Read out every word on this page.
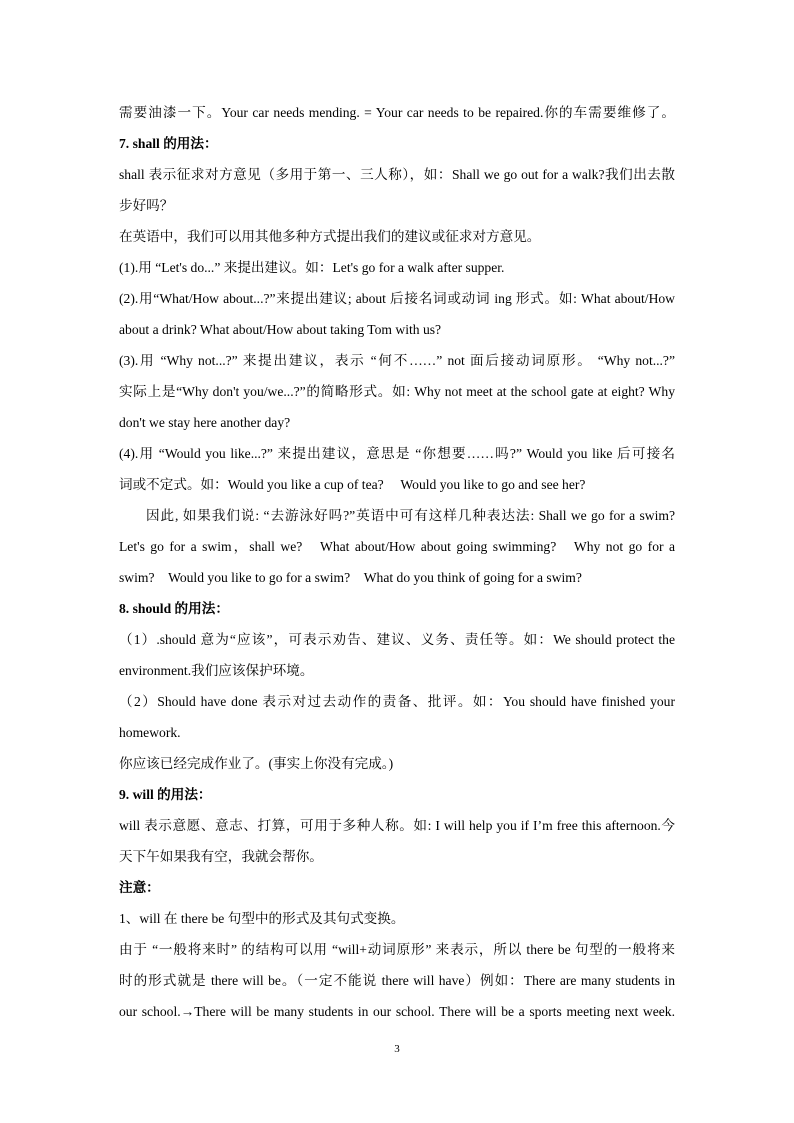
需要油漆一下。Your car needs mending. = Your car needs to be repaired.你的车需要维修了。
7. shall 的用法：
shall 表示征求对方意见（多用于第一、三人称），如：Shall we go out for a walk?我们出去散
步好吗？
在英语中，我们可以用其他多种方式提出我们的建议或征求对方意见。
(1).用 “Let's do...” 来提出建议。如：Let's go for a walk after supper.
(2).用“What/How about...?”来提出建议; about 后接名词或动词 ing 形式。如: What about/How
about a drink? What about/How about taking Tom with us?
(3).用 “Why not...?” 来提出建议，表示 “何不……” not 面后接动词原形。 “Why not...?”
实际上是“Why don't you/we...?”的简略形式。如: Why not meet at the school gate at eight? Why
don't we stay here another day?
(4).用 “Would you like...?” 来提出建议，意思是 “你想要……吗?” Would you like 后可接名
词或不定式。如：Would you like a cup of tea?　 Would you like to go and see her?
因此, 如果我们说: “去游泳好吗?”英语中可有这样几种表达法: Shall we go for a swim?
Let's go for a swim，shall we?　What about/How about going swimming?　Why not go for a
swim?　Would you like to go for a swim?　What do you think of going for a swim?
8. should 的用法：
（1）.should 意为“应该”，可表示劝告、建议、义务、责任等。如：We should protect the
environment.我们应该保护环境。
（2）Should have done 表示对过去动作的责备、批评。如：You should have finished your
homework.
你应该已经完成作业了。(事实上你没有完成。)
9. will 的用法：
will 表示意愿、意志、打算，可用于多种人称。如: I will help you if I’m free this afternoon.今
天下午如果我有空，我就会帮你。
注意：
1、will 在 there be 句型中的形式及其句式变换。
由于 “一般将来时” 的结构可以用 “will+动词原形” 来表示，所以 there be 句型的一般将来
时的形式就是 there will be。（一定不能说 there will have）例如：There are many students in
our school.→There will be many students in our school. There will be a sports meeting next week.
3
